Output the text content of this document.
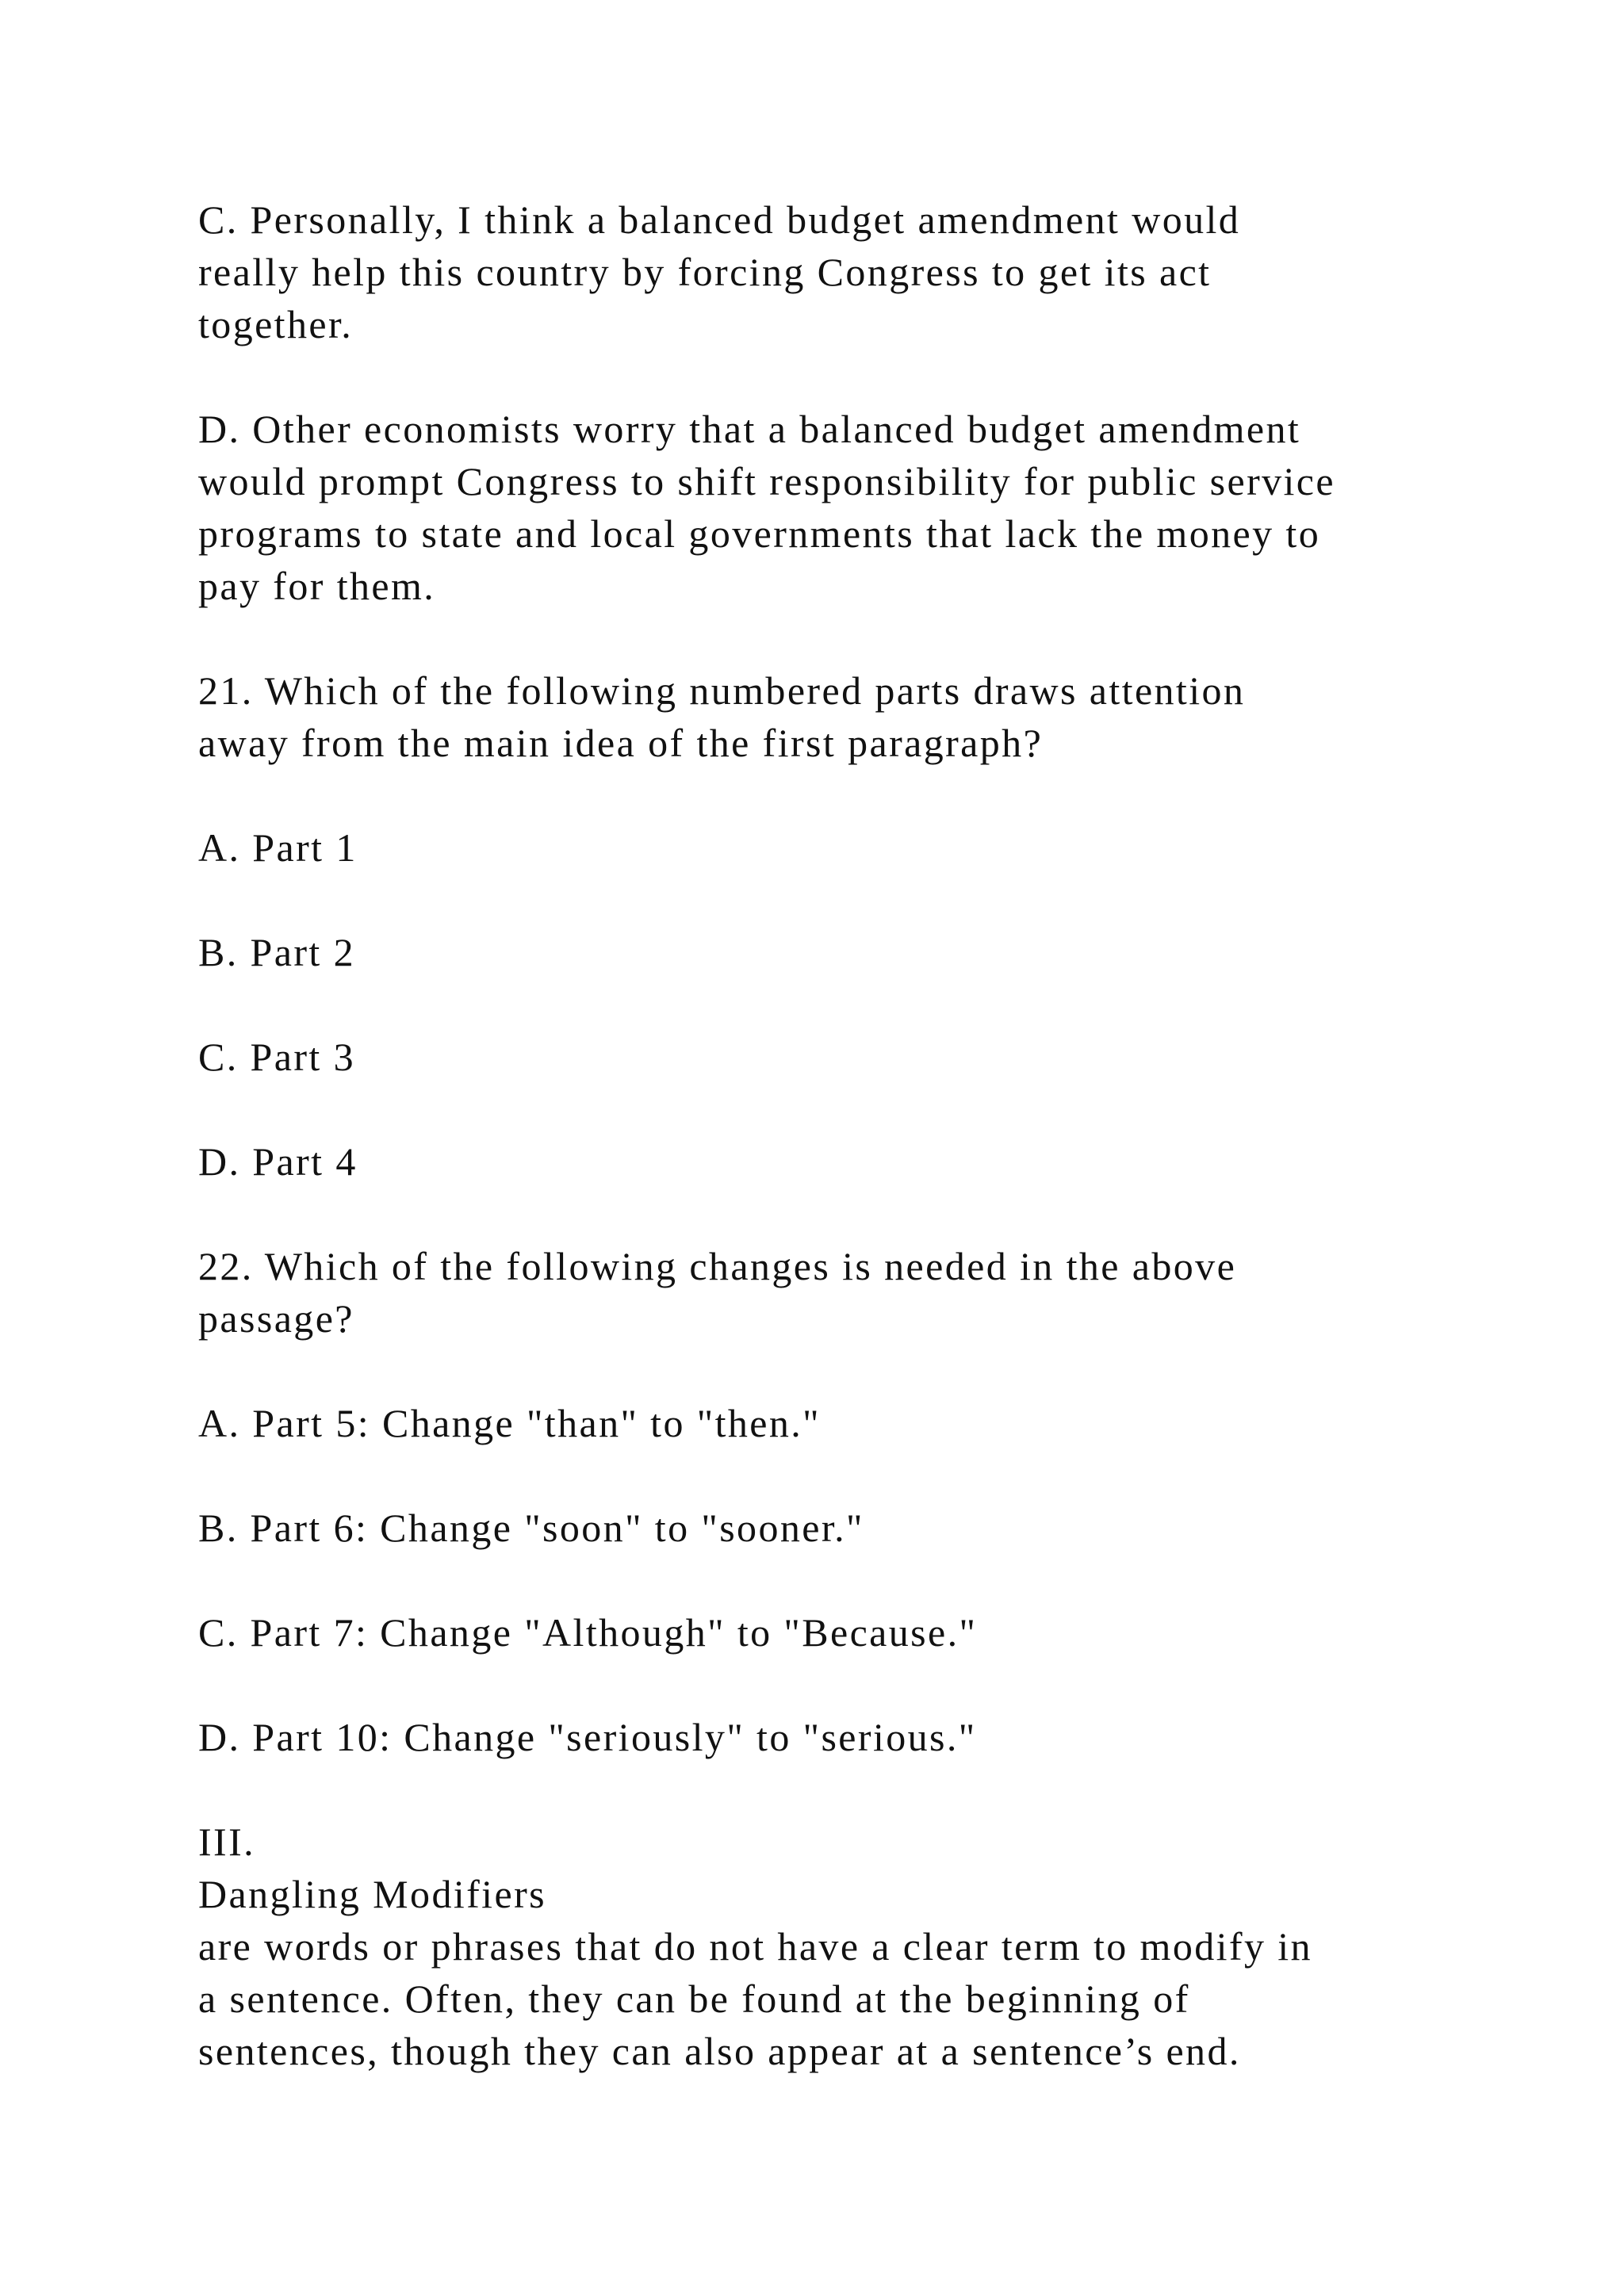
C. Personally, I think a balanced budget amendment would
really help this country by forcing Congress to get its act
together.

D. Other economists worry that a balanced budget amendment
would prompt Congress to shift responsibility for public service
programs to state and local governments that lack the money to
pay for them.

21. Which of the following numbered parts draws attention
away from the main idea of the first paragraph?

A. Part 1

B. Part 2

C. Part 3

D. Part 4

22. Which of the following changes is needed in the above
passage?

A. Part 5: Change "than" to "then."

B. Part 6: Change "soon" to "sooner."

C. Part 7: Change "Although" to "Because."

D. Part 10: Change "seriously" to "serious."

III.
Dangling Modifiers
are words or phrases that do not have a clear term to modify in
a sentence. Often, they can be found at the beginning of
sentences, though they can also appear at a sentence’s end.
